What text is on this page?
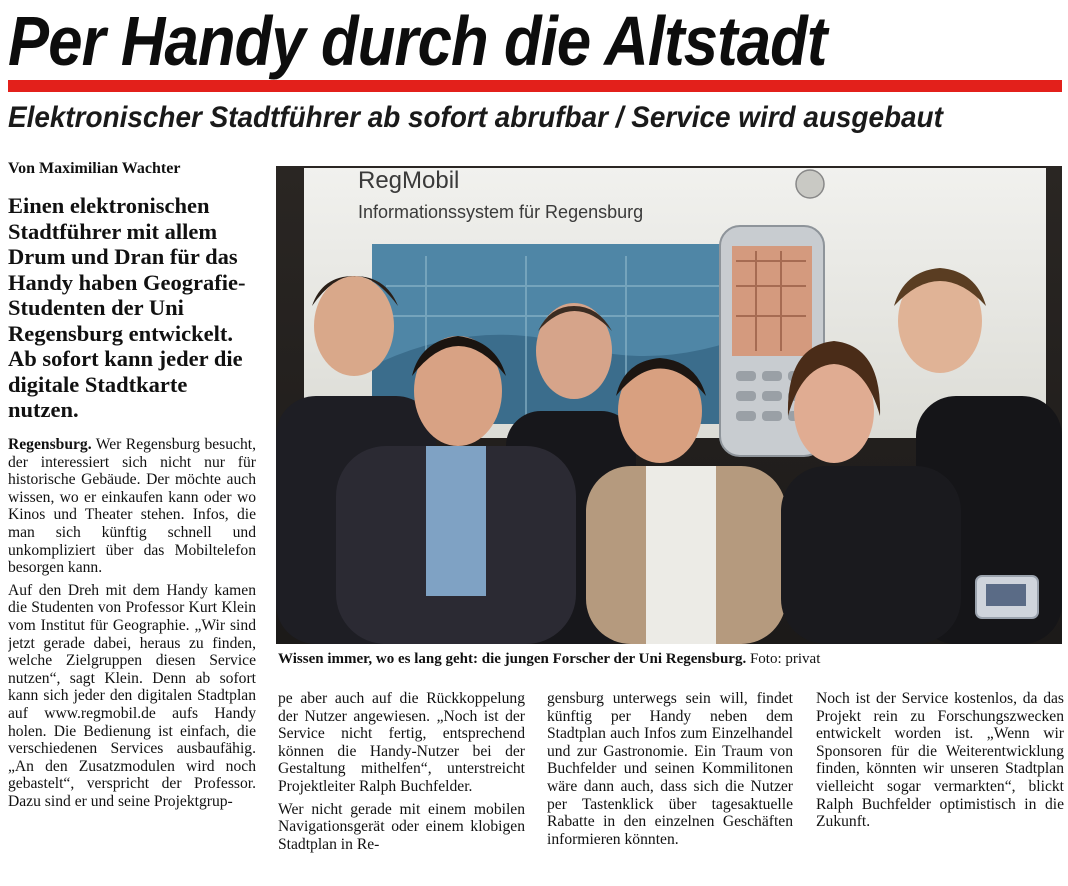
Per Handy durch die Altstadt
Elektronischer Stadtführer ab sofort abrufbar / Service wird ausgebaut
Von Maximilian Wachter
Einen elektronischen Stadtführer mit allem Drum und Dran für das Handy haben Geografie-Studenten der Uni Regensburg entwickelt. Ab sofort kann jeder die digitale Stadtkarte nutzen.

Regensburg. Wer Regensburg besucht, der interessiert sich nicht nur für historische Gebäude. Der möchte auch wissen, wo er einkaufen kann oder wo Kinos und Theater stehen. Infos, die man sich künftig schnell und unkompliziert über das Mobiltelefon besorgen kann.

Auf den Dreh mit dem Handy kamen die Studenten von Professor Kurt Klein vom Institut für Geographie. „Wir sind jetzt gerade dabei, heraus zu finden, welche Zielgruppen diesen Service nutzen“, sagt Klein. Denn ab sofort kann sich jeder den digitalen Stadtplan auf www.regmobil.de aufs Handy holen. Die Bedienung ist einfach, die verschiedenen Services ausbaufähig. „An den Zusatzmodulen wird noch gebastelt“, verspricht der Professor. Dazu sind er und seine Projektgrup-

RegMobil
Informationssystem für Regensburg
Wissen immer, wo es lang geht: die jungen Forscher der Uni Regensburg. Foto: privat

pe aber auch auf die Rückkoppelung der Nutzer angewiesen. „Noch ist der Service nicht fertig, entsprechend können die Handy-Nutzer bei der Gestaltung mithelfen“, unterstreicht Projektleiter Ralph Buchfelder.

Wer nicht gerade mit einem mobilen Navigationsgerät oder einem klobigen Stadtplan in Re-

gensburg unterwegs sein will, findet künftig per Handy neben dem Stadtplan auch Infos zum Einzelhandel und zur Gastronomie. Ein Traum von Buchfelder und seinen Kommilitonen wäre dann auch, dass sich die Nutzer per Tastenklick über tagesaktuelle Rabatte in den einzelnen Geschäften informieren könnten.

Noch ist der Service kostenlos, da das Projekt rein zu Forschungszwecken entwickelt worden ist. „Wenn wir Sponsoren für die Weiterentwicklung finden, könnten wir unseren Stadtplan vielleicht sogar vermarkten“, blickt Ralph Buchfelder optimistisch in die Zukunft.
